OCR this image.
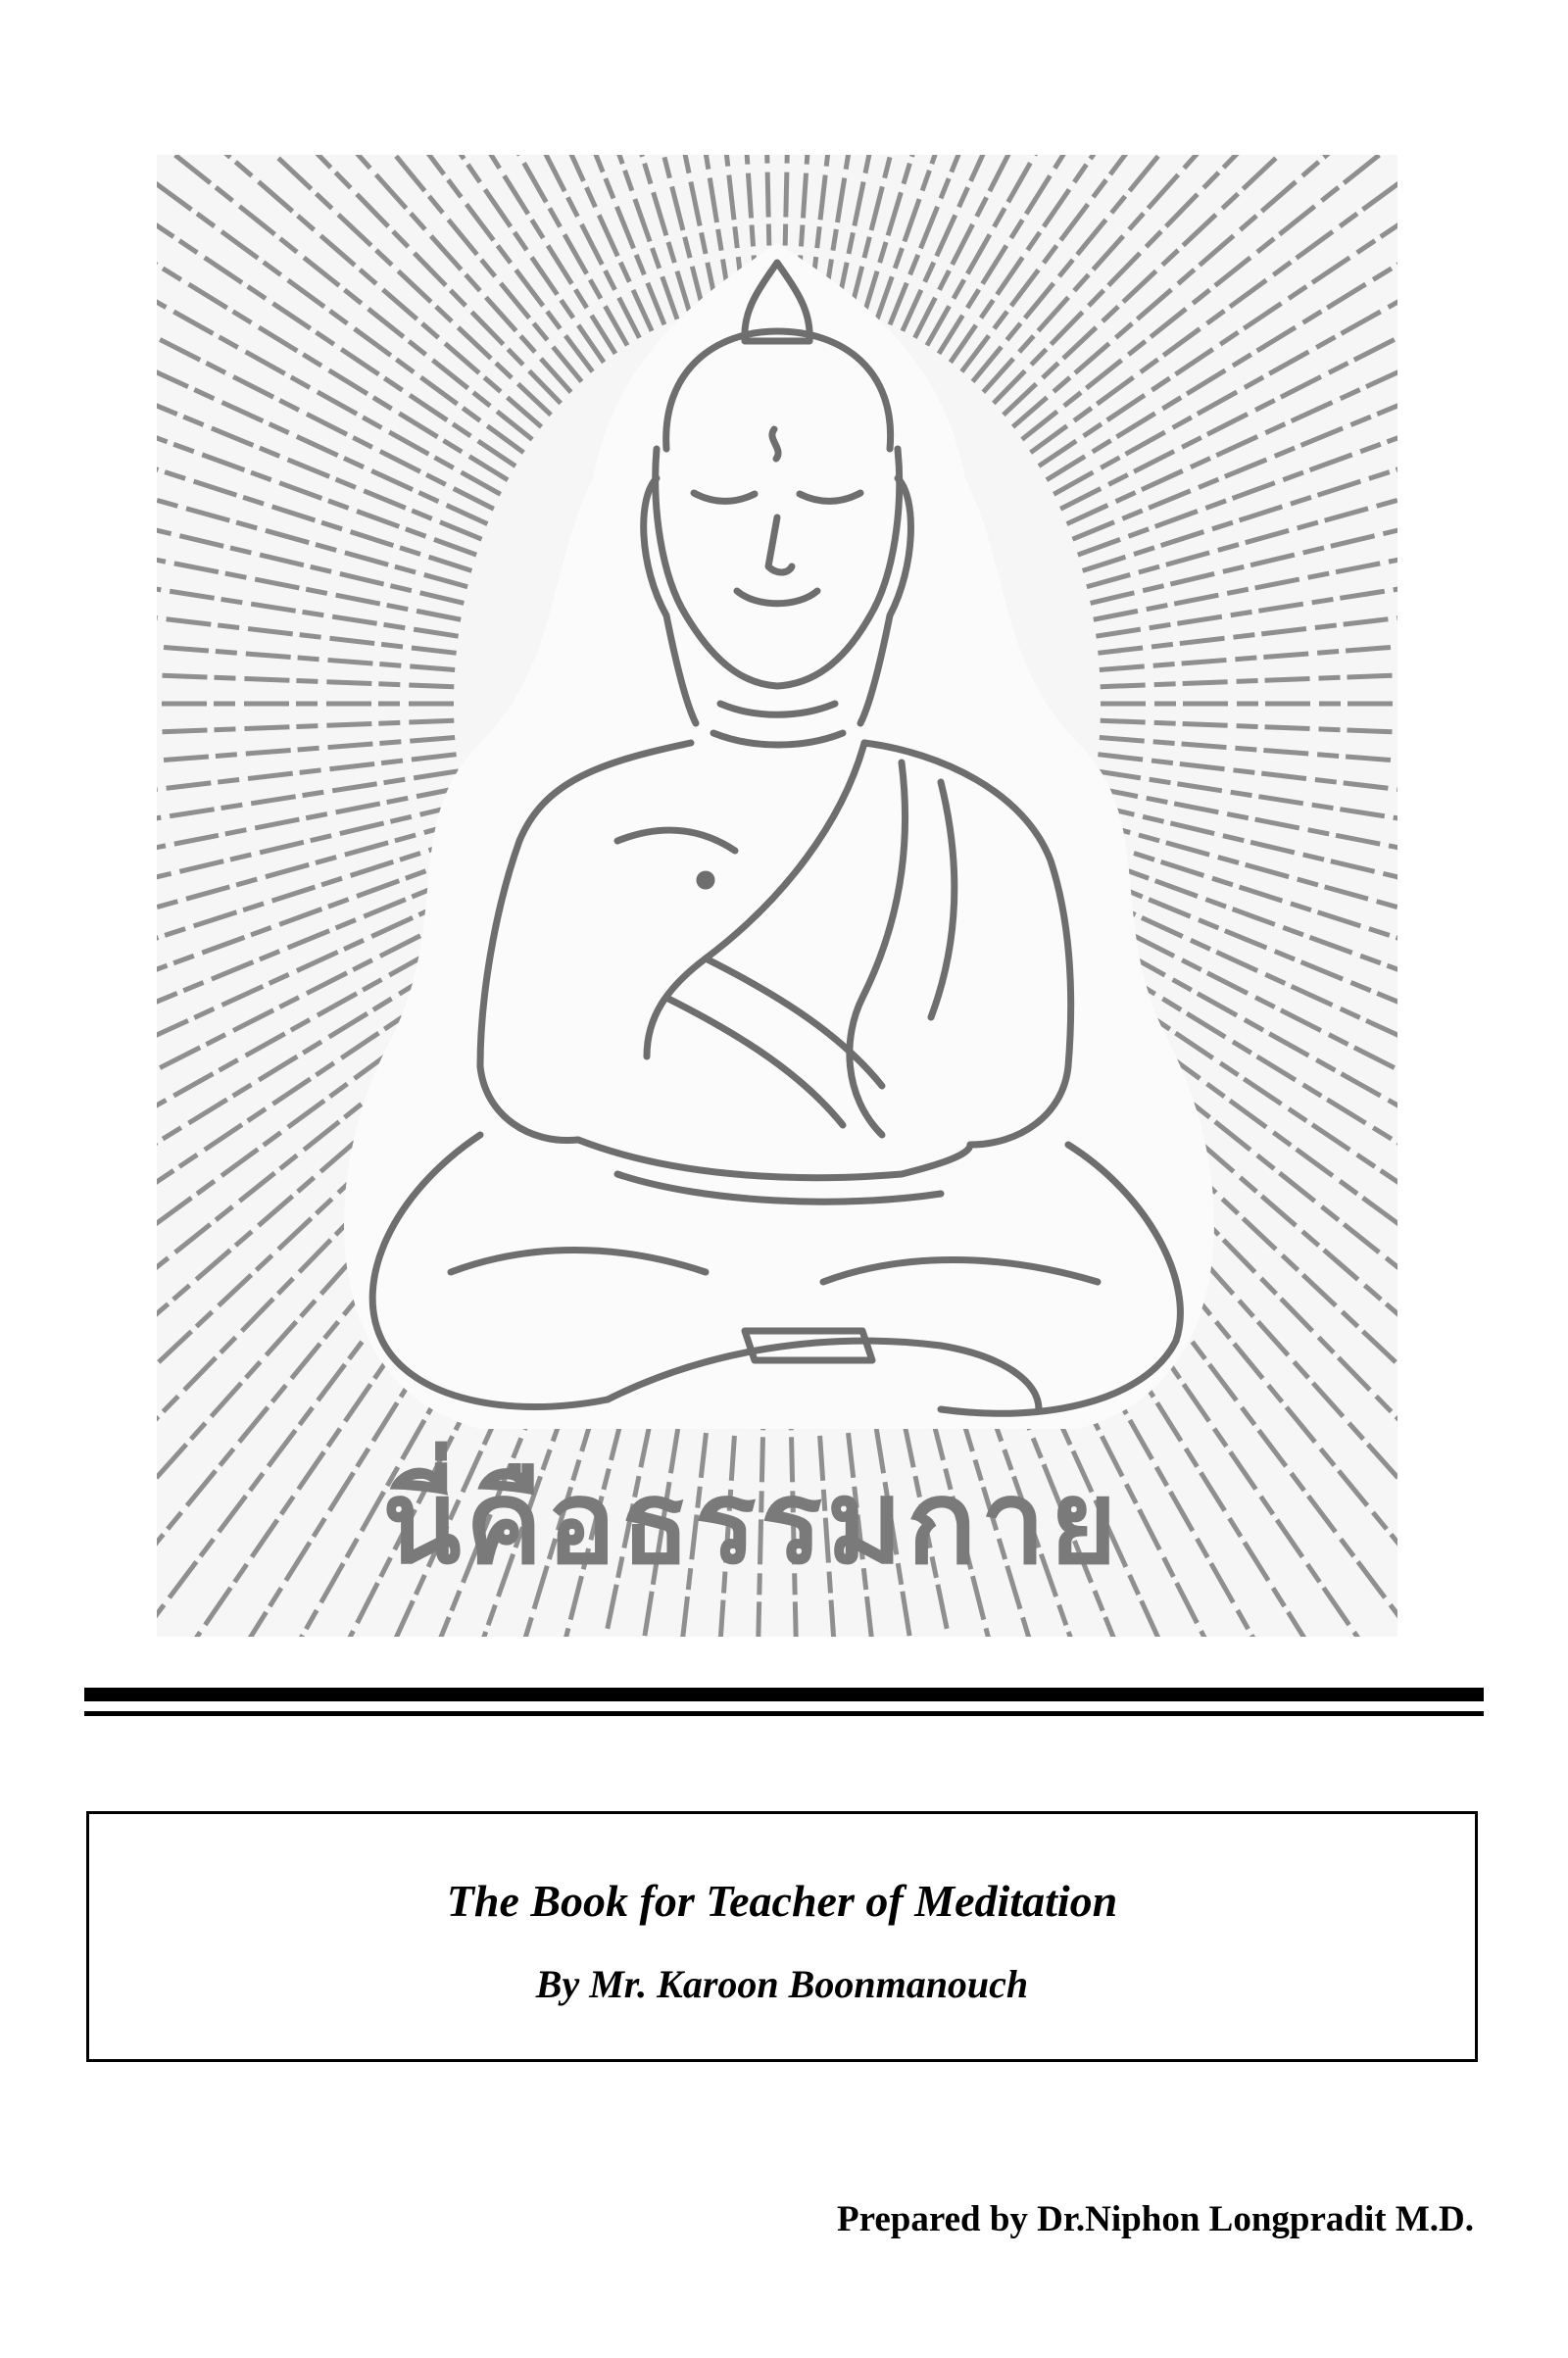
นี่คือธรรมกาย
The Book for Teacher of Meditation
By Mr. Karoon Boonmanouch
Prepared by Dr.Niphon Longpradit M.D.
